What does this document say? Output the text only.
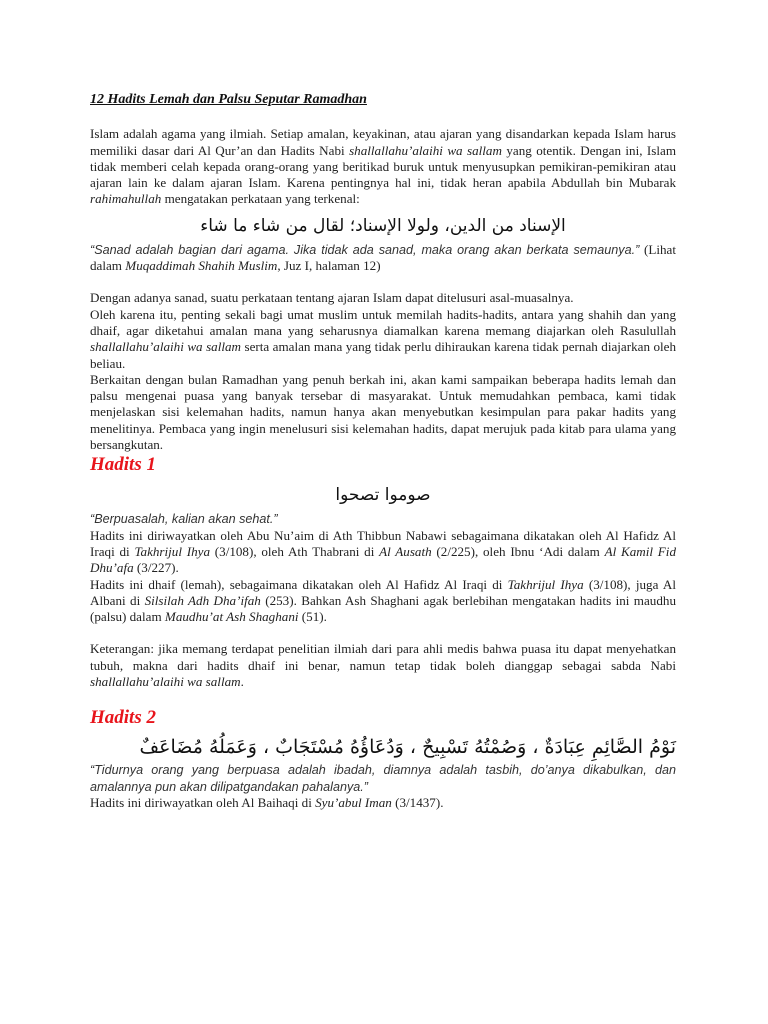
12 Hadits Lemah dan Palsu Seputar Ramadhan

Islam adalah agama yang ilmiah. Setiap amalan, keyakinan, atau ajaran yang disandarkan kepada Islam harus memiliki dasar dari Al Qur’an dan Hadits Nabi shallallahu’alaihi wa sallam yang otentik. Dengan ini, Islam tidak memberi celah kepada orang-orang yang beritikad buruk untuk menyusupkan pemikiran-pemikiran atau ajaran lain ke dalam ajaran Islam. Karena pentingnya hal ini, tidak heran apabila Abdullah bin Mubarak rahimahullah mengatakan perkataan yang terkenal:

الإسناد من الدين، ولولا الإسناد؛ لقال من شاء ما شاء

“Sanad adalah bagian dari agama. Jika tidak ada sanad, maka orang akan berkata semaunya.” (Lihat dalam Muqaddimah Shahih Muslim, Juz I, halaman 12)

Dengan adanya sanad, suatu perkataan tentang ajaran Islam dapat ditelusuri asal-muasalnya.

Oleh karena itu, penting sekali bagi umat muslim untuk memilah hadits-hadits, antara yang shahih dan yang dhaif, agar diketahui amalan mana yang seharusnya diamalkan karena memang diajarkan oleh Rasulullah shallallahu’alaihi wa sallam serta amalan mana yang tidak perlu dihiraukan karena tidak pernah diajarkan oleh beliau.

Berkaitan dengan bulan Ramadhan yang penuh berkah ini, akan kami sampaikan beberapa hadits lemah dan palsu mengenai puasa yang banyak tersebar di masyarakat. Untuk memudahkan pembaca, kami tidak menjelaskan sisi kelemahan hadits, namun hanya akan menyebutkan kesimpulan para pakar hadits yang menelitinya. Pembaca yang ingin menelusuri sisi kelemahan hadits, dapat merujuk pada kitab para ulama yang bersangkutan.

Hadits 1
صوموا تصحوا

“Berpuasalah, kalian akan sehat.”

Hadits ini diriwayatkan oleh Abu Nu’aim di Ath Thibbun Nabawi sebagaimana dikatakan oleh Al Hafidz Al Iraqi di Takhrijul Ihya (3/108), oleh Ath Thabrani di Al Ausath (2/225), oleh Ibnu ‘Adi dalam Al Kamil Fid Dhu’afa (3/227).

Hadits ini dhaif (lemah), sebagaimana dikatakan oleh Al Hafidz Al Iraqi di Takhrijul Ihya (3/108), juga Al Albani di Silsilah Adh Dha’ifah (253). Bahkan Ash Shaghani agak berlebihan mengatakan hadits ini maudhu (palsu) dalam Maudhu’at Ash Shaghani (51).

Keterangan: jika memang terdapat penelitian ilmiah dari para ahli medis bahwa puasa itu dapat menyehatkan tubuh, makna dari hadits dhaif ini benar, namun tetap tidak boleh dianggap sebagai sabda Nabi shallallahu’alaihi wa sallam.

Hadits 2
نَوْمُ الصَّائِمِ عِبَادَةٌ ، وَصُمْتُهُ تَسْبِيحٌ ، وَدُعَاؤُهُ مُسْتَجَابٌ ، وَعَمَلُهُ مُضَاعَفٌ

“Tidurnya orang yang berpuasa adalah ibadah, diamnya adalah tasbih, do’anya dikabulkan, dan amalannya pun akan dilipatgandakan pahalanya.”

Hadits ini diriwayatkan oleh Al Baihaqi di Syu’abul Iman (3/1437).
